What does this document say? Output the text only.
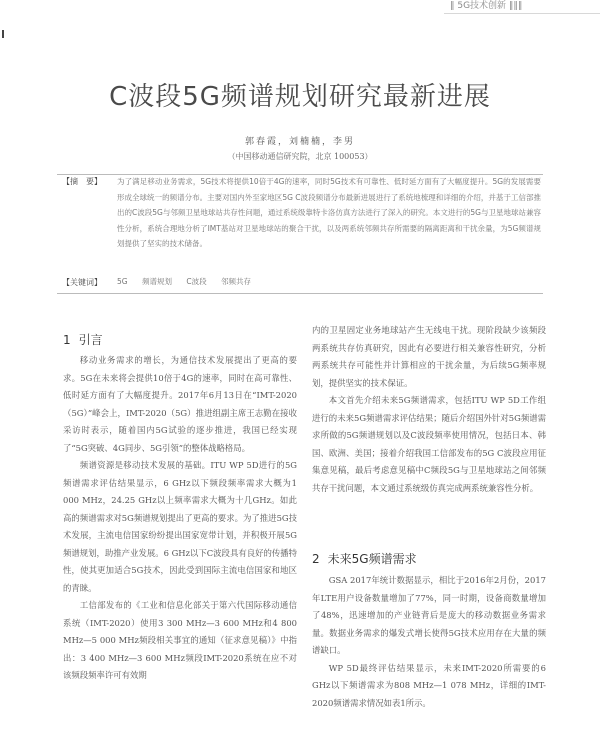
‖ 5G技术创新 ‖‖‖
C波段5G频谱规划研究最新进展
郭春霞，刘楠楠，李男
（中国移动通信研究院，北京 100053）
【摘　要】 为了满足移动业务需求，5G技术将提供10倍于4G的速率，同时5G技术有可靠性、低时延方面有了大幅度提升。5G的发展需要形成全球统一的频谱分布。主要对国内外至家地区5G C波段频谱分布最新进展进行了系统地梳理和详细的介绍，并基于工信部推出的C波段5G与邻频卫星地球站共存性问题，通过系统级靠特卡洛仿真方法进行了深入的研究。本文进行的5G与卫星地球站兼容性分析，系统合理地分析了IMT基站对卫星地球站的聚合干扰，以及两系统邻频共存所需要的隔离距离和干扰余量，为5G频谱规划提供了坚实的技术储备。
【关键词】 5G 频谱规划 C波段 邻频共存
1 引言

移动业务需求的增长，为通信技术发展提出了更高的要求。5G在未来将会提供10倍于4G的速率，同时在高可靠性、低时延方面有了大幅度提升。2017年6月13日在“IMT-2020（5G）”峰会上，IMT-2020（5G）推进组副主席王志勤在接收采访时表示，随着国内5G试验的逐步推进，我国已经实现了“5G突破、4G同步、5G引领”的整体战略格局。

频谱资源是移动技术发展的基础。ITU WP 5D进行的5G频谱需求评估结果显示，6 GHz以下频段频率需求大概为1 000 MHz，24.25 GHz以上频率需求大概为十几GHz。如此高的频谱需求对5G频谱规划提出了更高的要求。为了推进5G技术发展，主流电信国家纷纷提出国家宽带计划，并积极开展5G频谱规划，助推产业发展。6 GHz以下C波段具有良好的传播特性，使其更加适合5G技术，因此受到国际主流电信国家和地区的青睐。

工信部发布的《工业和信息化部关于第六代国际移动通信系统（IMT-2020）使用3 300 MHz—3 600 MHz和4 800 MHz—5 000 MHz频段相关事宜的通知（征求意见稿）》中指出：3 400 MHz—3 600 MHz频段IMT-2020系统在应不对该频段频率许可有效期

内的卫星固定业务地球站产生无线电干扰。现阶段缺少该频段两系统共存仿真研究，因此有必要进行相关兼容性研究，分析两系统共存可能性并计算相应的干扰余量，为后续5G频率规划，提供坚实的技术保证。

本文首先介绍未来5G频谱需求，包括ITU WP 5D工作组进行的未来5G频谱需求评估结果；随后介绍国外针对5G频谱需求所做的5G频谱规划以及C波段频率使用情况，包括日本、韩国、欧洲、美国；接着介绍我国工信部发布的5G C波段应用征集意见稿，最后考虑意见稿中C频段5G与卫星地球站之间邻频共存干扰问题，本文通过系统级仿真完成两系统兼容性分析。

2 未来5G频谱需求

GSA 2017年统计数据显示，相比于2016年2月份，2017年LTE用户设备数量增加了77%，同一时期，设备商数量增加了48%，迅速增加的产业链背后是庞大的移动数据业务需求量。数据业务需求的爆发式增长使得5G技术应用存在大量的频谱缺口。

WP 5D最终评估结果显示，未来IMT-2020所需要的6 GHz以下频谱需求为808 MHz—1 078 MHz，详细的IMT-2020频谱需求情况如表1所示。
